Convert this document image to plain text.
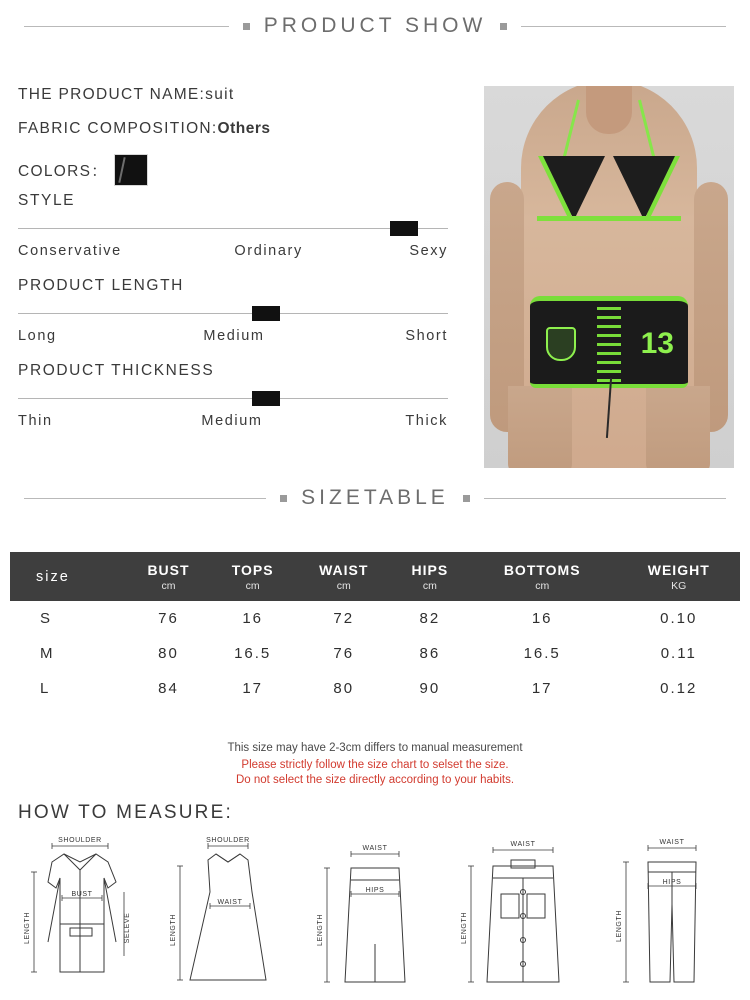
PRODUCT SHOW
THE PRODUCT NAME:suit
FABRIC COMPOSITION:Others
COLORS：
STYLE
Conservative	Ordinary	Sexy
PRODUCT LENGTH
Long	Medium	Short
PRODUCT THICKNESS
Thin	Medium	Thick
13
SIZETABLE
size	BUST	TOPS	WAIST	HIPS	BOTTOMS	WEIGHT
	cm	cm	cm	cm	cm	KG
S	76	16	72	82	16	0.10
M	80	16.5	76	86	16.5	0.11
L	84	17	80	90	17	0.12
This size may have 2-3cm differs to manual measurement
Please strictly follow the size chart to selset the size.
Do not select the size directly according to your habits.
HOW TO MEASURE:
SHOULDER
BUST
LENGTH	SELEVE
SHOULDER
WAIST
LENGTH
WAIST
HIPS
LENGTH
WAIST
LENGTH
WAIST
HIPS
LENGTH
